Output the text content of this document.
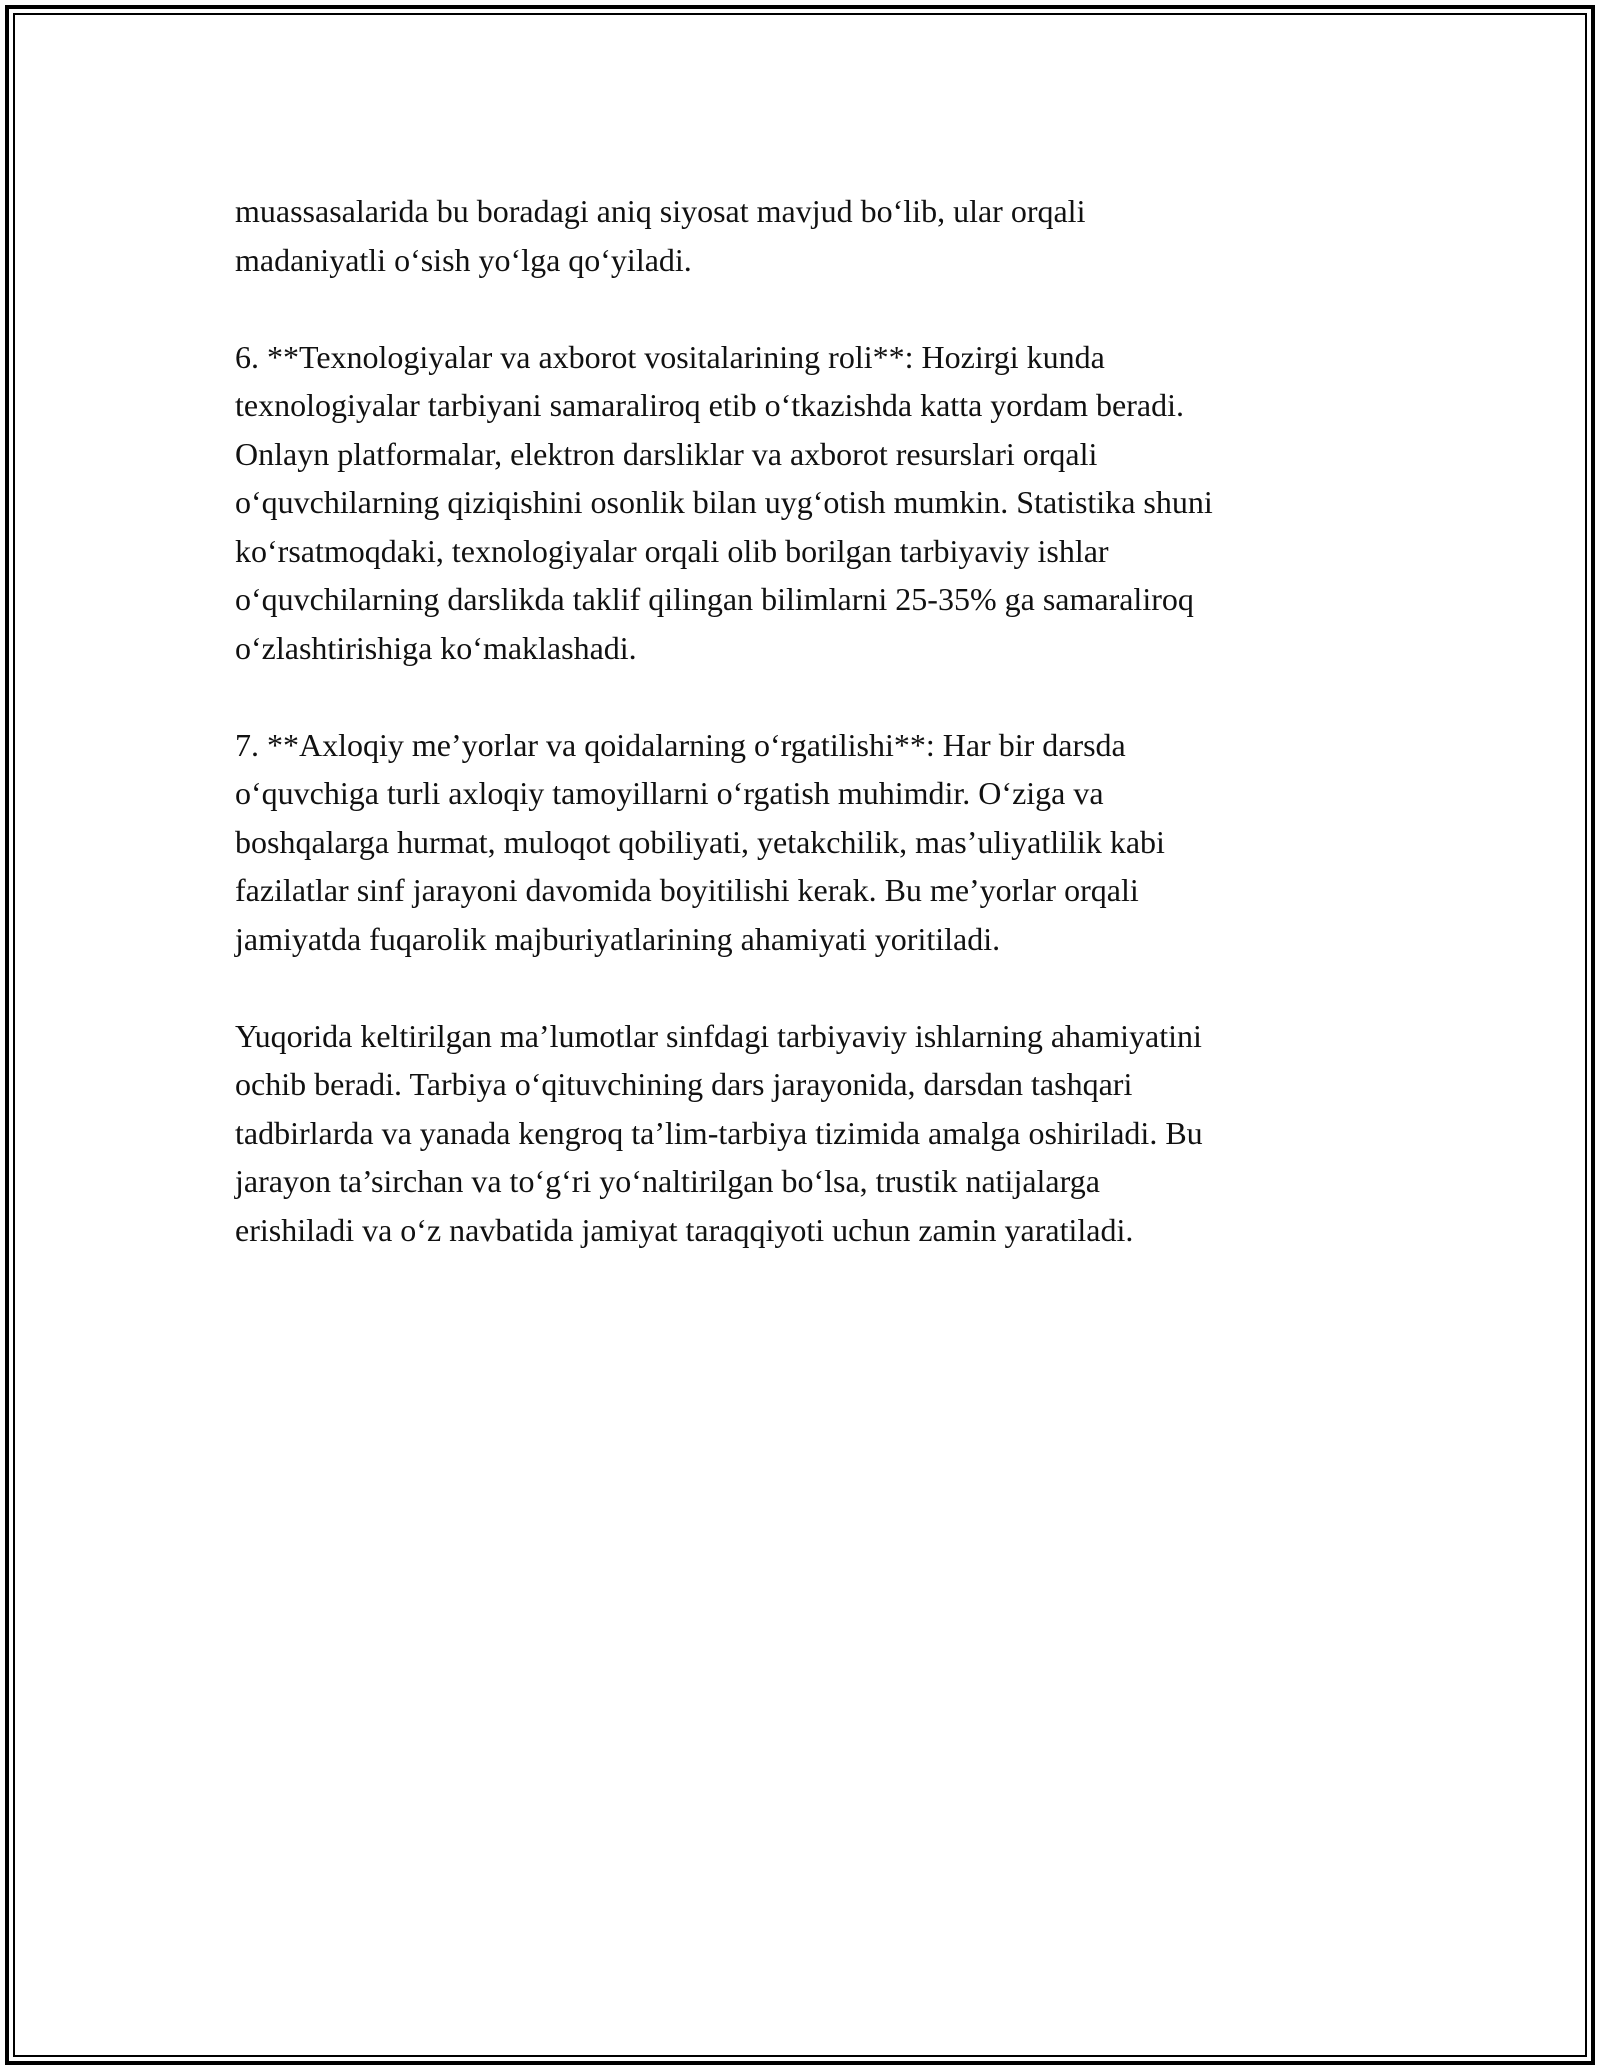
muassasalarida bu boradagi aniq siyosat mavjud bo‘lib, ular orqali
madaniyatli o‘sish yo‘lga qo‘yiladi.

6. **Texnologiyalar va axborot vositalarining roli**: Hozirgi kunda
texnologiyalar tarbiyani samaraliroq etib o‘tkazishda katta yordam beradi.
Onlayn platformalar, elektron darsliklar va axborot resurslari orqali
o‘quvchilarning qiziqishini osonlik bilan uyg‘otish mumkin. Statistika shuni
ko‘rsatmoqdaki, texnologiyalar orqali olib borilgan tarbiyaviy ishlar
o‘quvchilarning darslikda taklif qilingan bilimlarni 25-35% ga samaraliroq
o‘zlashtirishiga ko‘maklashadi.

7. **Axloqiy me’yorlar va qoidalarning o‘rgatilishi**: Har bir darsda
o‘quvchiga turli axloqiy tamoyillarni o‘rgatish muhimdir. O‘ziga va
boshqalarga hurmat, muloqot qobiliyati, yetakchilik, mas’uliyatlilik kabi
fazilatlar sinf jarayoni davomida boyitilishi kerak. Bu me’yorlar orqali
jamiyatda fuqarolik majburiyatlarining ahamiyati yoritiladi.

Yuqorida keltirilgan ma’lumotlar sinfdagi tarbiyaviy ishlarning ahamiyatini
ochib beradi. Tarbiya o‘qituvchining dars jarayonida, darsdan tashqari
tadbirlarda va yanada kengroq ta’lim-tarbiya tizimida amalga oshiriladi. Bu
jarayon ta’sirchan va to‘g‘ri yo‘naltirilgan bo‘lsa, trustik natijalarga
erishiladi va o‘z navbatida jamiyat taraqqiyoti uchun zamin yaratiladi.
